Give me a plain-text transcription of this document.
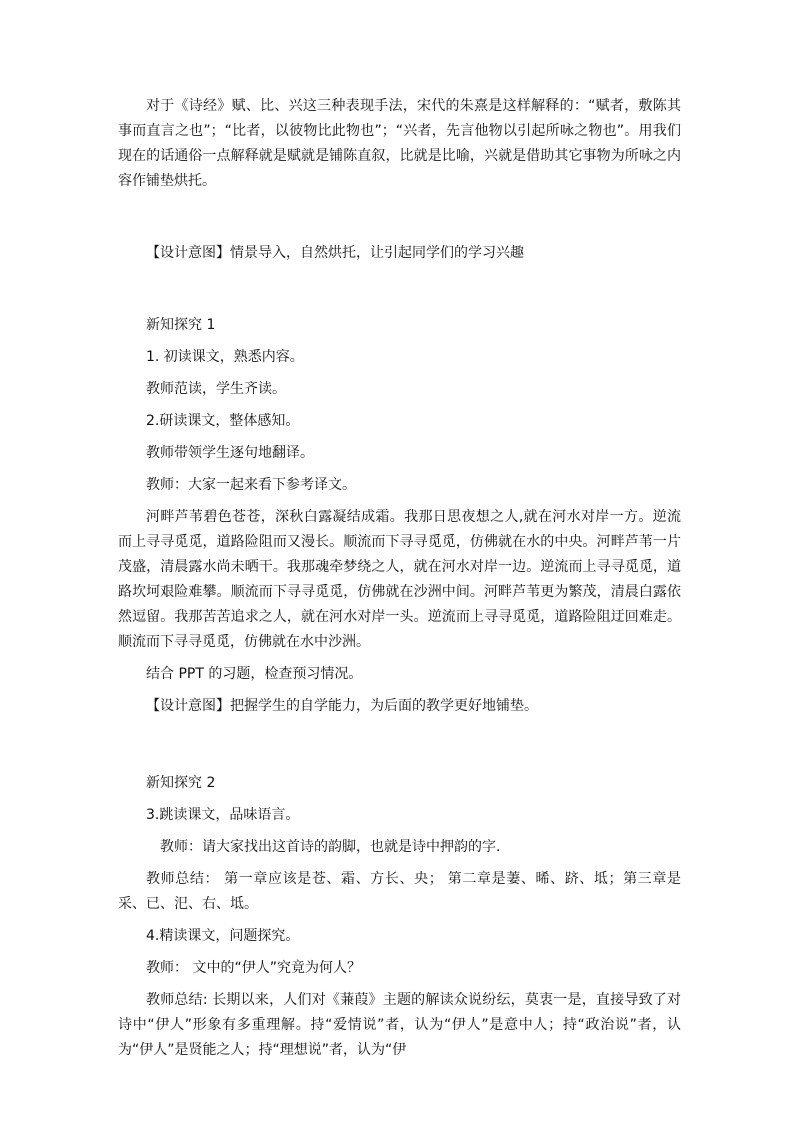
对于《诗经》赋、比、兴这三种表现手法，宋代的朱熹是这样解释的：“赋者，敷陈其事而直言之也”；“比者，以彼物比此物也”；“兴者，先言他物以引起所咏之物也”。用我们现在的话通俗一点解释就是赋就是铺陈直叙，比就是比喻，兴就是借助其它事物为所咏之内容作铺垫烘托。

【设计意图】情景导入，自然烘托，让引起同学们的学习兴趣

新知探究 1

1. 初读课文，熟悉内容。

教师范读，学生齐读。

2.研读课文，整体感知。

教师带领学生逐句地翻译。

教师：大家一起来看下参考译文。

河畔芦苇碧色苍苍，深秋白露凝结成霜。我那日思夜想之人,就在河水对岸一方。逆流而上寻寻觅觅，道路险阻而又漫长。顺流而下寻寻觅觅，仿佛就在水的中央。河畔芦苇一片茂盛，清晨露水尚未晒干。我那魂牵梦绕之人，就在河水对岸一边。逆流而上寻寻觅觅，道路坎坷艰险难攀。顺流而下寻寻觅觅，仿佛就在沙洲中间。河畔芦苇更为繁茂，清晨白露依然逗留。我那苦苦追求之人，就在河水对岸一头。逆流而上寻寻觅觅，道路险阻迂回难走。顺流而下寻寻觅觅，仿佛就在水中沙洲。

结合 PPT 的习题，检查预习情况。

【设计意图】把握学生的自学能力，为后面的教学更好地铺垫。

新知探究 2

3.跳读课文，品味语言。

教师：请大家找出这首诗的韵脚，也就是诗中押韵的字.

教师总结： 第一章应该是苍、霜、方长、央； 第二章是萋、晞、跻、坻；第三章是采、已、汜、右、坻。

4.精读课文，问题探究。

教师： 文中的“伊人”究竟为何人？

教师总结: 长期以来，人们对《蒹葭》主题的解读众说纷纭，莫衷一是，直接导致了对诗中“伊人”形象有多重理解。持“爱情说”者，认为“伊人”是意中人；持“政治说”者，认为“伊人”是贤能之人；持“理想说”者，认为“伊
